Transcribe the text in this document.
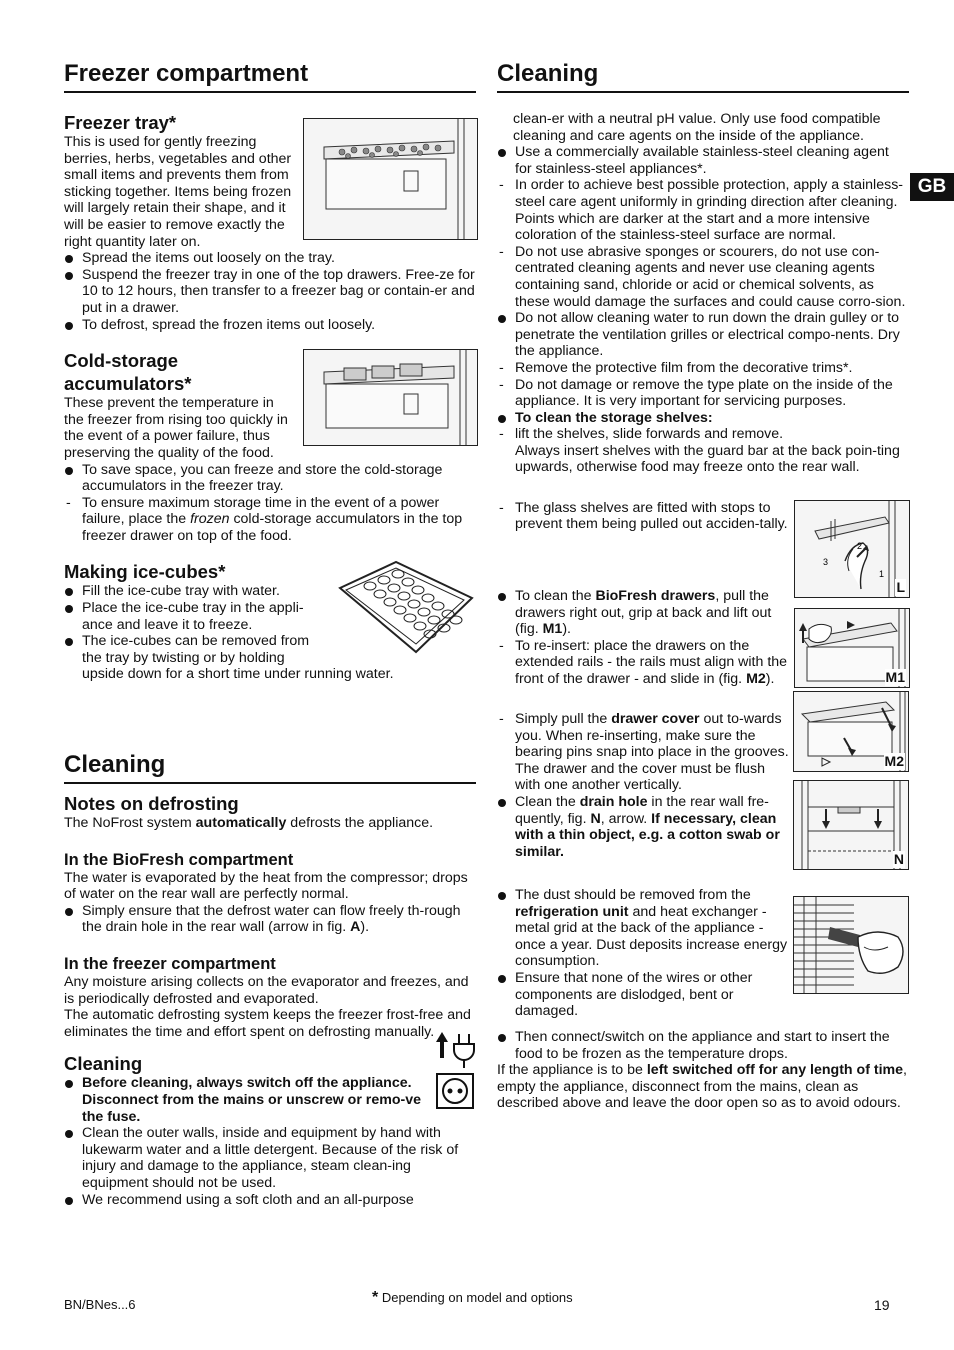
GB
Freezer compartment
Freezer tray*

This is used for gently freezing berries, herbs, vegetables and other small items and prevents them from sticking together. Items being frozen will largely retain their shape, and it will be easier to remove exactly the right quantity later on.

Spread the items out loosely on the tray.
Suspend the freezer tray in one of the top drawers. Free-ze for 10 to 12 hours, then transfer to a freezer bag or contain-er and put in a drawer.
To defrost, spread the frozen items out loosely.
Cold-storage accumulators*

These prevent the temperature in the freezer from rising too quickly in the event of a power failure, thus preserving the quality of the food.

To save space, you can freeze and store the cold-storage accumulators in the freezer tray.
- To ensure maximum storage time in the event of a power failure, place the frozen cold-storage accumulators in the top freezer drawer on top of the food.
Making ice-cubes*
Fill the ice-cube tray with water.
Place the ice-cube tray in the appli-ance and leave it to freeze.
The ice-cubes can be removed from the tray by twisting or by holding upside down for a short time under running water.
Cleaning
Notes on defrosting

The NoFrost system automatically defrosts the appliance.

In the BioFresh compartment

The water is evaporated by the heat from the compressor; drops of water on the rear wall are perfectly normal.

Simply ensure that the defrost water can flow freely th-rough the drain hole in the rear wall (arrow in fig. A).
In the freezer compartment

Any moisture arising collects on the evaporator and freezes, and is periodically defrosted and evaporated.

The automatic defrosting system keeps the freezer frost-free and eliminates the time and effort spent on defrosting manually.

Cleaning
Before cleaning, always switch off the appliance. Disconnect from the mains or unscrew or remo-ve the fuse.
Clean the outer walls, inside and equipment by hand with lukewarm water and a little detergent. Because of the risk of injury and damage to the appliance, steam clean-ing equipment should not be used.
We recommend using a soft cloth and an all-purpose
Cleaning

clean-er with a neutral pH value. Only use food compatible cleaning and care agents on the inside of the appliance.

Use a commercially available stainless-steel cleaning agent for stainless-steel appliances*.
- In order to achieve best possible protection, apply a stainless-steel care agent uniformly in grinding direction after cleaning. Points which are darker at the start and a more intensive coloration of the stainless-steel surface are normal.
- Do not use abrasive sponges or scourers, do not use con-centrated cleaning agents and never use cleaning agents containing sand, chloride or acid or chemical solvents, as these would damage the surfaces and could cause corro-sion.
Do not allow cleaning water to run down the drain gulley or to penetrate the ventilation grilles or electrical compo-nents. Dry the appliance.
- Remove the protective film from the decorative trims*.
- Do not damage or remove the type plate on the inside of the appliance. It is very important for servicing purposes.
To clean the storage shelves:
- lift the shelves, slide forwards and remove.
Always insert shelves with the guard bar at the back poin-ting upwards, otherwise food may freeze onto the rear wall.
3
2
1
L
- The glass shelves are fitted with stops to prevent them being pulled out acciden-tally.
M1
To clean the BioFresh drawers, pull the drawers right out, grip at back and lift out (fig. M1).
- To re-insert: place the drawers on the extended rails - the rails must align with the front of the drawer - and slide in (fig. M2).
M2
- Simply pull the drawer cover out to-wards you. When re-inserting, make sure the bearing pins snap into place in the grooves.
The drawer and the cover must be flush with one another vertically.
Clean the drain hole in the rear wall fre-quently, fig. N, arrow. If necessary, clean with a thin object, e.g. a cotton swab or similar.	N
The dust should be removed from the refrigeration unit and heat exchanger - metal grid at the back of the appliance - once a year. Dust deposits increase energy consumption.
Ensure that none of the wires or other components are dislodged, bent or damaged.
Then connect/switch on the appliance and start to insert the food to be frozen as the temperature drops.

If the appliance is to be left switched off for any length of time, empty the appliance, disconnect from the mains, clean as described above and leave the door open so as to avoid odours.

BN/BNes...6	* Depending on model and options	19
